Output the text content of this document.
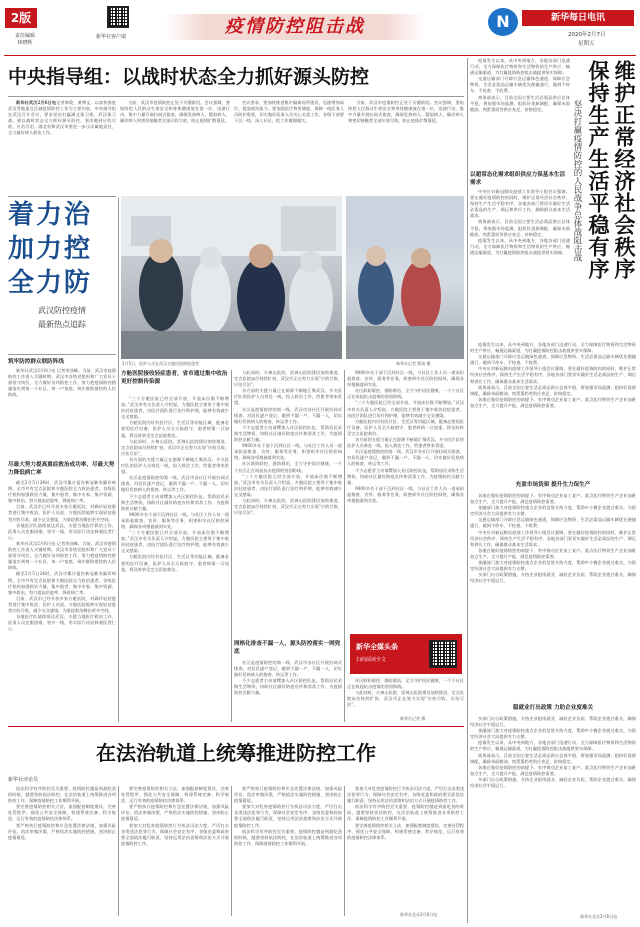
2版
责任编辑
林晓辉
新华社客户端	疫情防控阻击战	N	新华每日电讯
2020年2月7日
星期五
中央指导组：以战时状态全力抓好源头防控

新华社武汉2月6日电记者帅俊、黄博文。以加快推进武汉等地重点区域疫情防控工作为主要内容，中央指导组在武汉召开会议，要求坚决打赢湖北保卫战、武汉保卫战。要以战时状态全力抓好源头防控，坚决做到应收尽收、应治尽治。湖北省和武汉市要进一步压实属地责任，全力做好病人救治工作。

当前，武汉市疫情防控正处于关键阶段。会议强调，要始终把人民群众生命安全和身体健康放在第一位，迅速行动，集中力量开展拉网式排查，确保发热病人、疑似病人、确诊病人和密切接触者全部应收尽收，防止疫情扩散蔓延。

会议要求，要加快推进集中隔离场所建设，迅速增加床位，提高收治能力。要加强医疗物资调度，保障一线医务人员防护需要，切实做好医务人员关心关爱工作。各级干部要下沉一线，深入社区，把工作做细做实。

当前，武汉市疫情防控正处于关键阶段。会议强调，要始终把人民群众生命安全和身体健康放在第一位，迅速行动，集中力量开展拉网式排查，确保发热病人、疑似病人、确诊病人和密切接触者全部应收尽收，防止疫情扩散蔓延。

着力治
加力控
全力防
武汉防控疫情
最新热点追踪
筑牢防控群众联防阵线

新华社武汉2月6日电 记者李劲峰。当前，武汉市疫情防控工作进入关键时期。武汉市各级党组织和广大党员干部坚守岗位，全力做好各项防控工作，努力把疫情防控措施落实到每一个社区、每一户家庭，筑牢群防群控的人民防线。

尽最大努力提高重症救治成功率、尽最大努力降低病亡率

截至2月5日24时，武汉市累计报告新冠肺炎确诊病例，全市共有定点医院和方舱医院全力收治患者。各级医疗机构加强救治力量，集中患者、集中专家、集中资源、集中救治，努力提高治愈率、降低病亡率。

目前，武汉市已经开放多家方舱医院，对确诊轻症患者进行集中收治。医护人员说，方舱医院能够实现轻症患者应收尽收，减少交叉感染，为重症救治腾出更多空间。

各地医疗队陆续抵达武汉，支援当地医疗救治工作。医务人员克服困难，坚守一线，用实际行动诠释着医者仁心。

新华社武汉2月6日电 记者李劲峰。当前，武汉市疫情防控工作进入关键时期。武汉市各级党组织和广大党员干部坚守岗位，全力做好各项防控工作，努力把疫情防控措施落实到每一个社区、每一户家庭，筑牢群防群控的人民防线。

截至2月5日24时，武汉市累计报告新冠肺炎确诊病例，全市共有定点医院和方舱医院全力收治患者。各级医疗机构加强救治力量，集中患者、集中专家、集中资源、集中救治，努力提高治愈率、降低病亡率。

目前，武汉市已经开放多家方舱医院，对确诊轻症患者进行集中收治。医护人员说，方舱医院能够实现轻症患者应收尽收，减少交叉感染，为重症救治腾出更多空间。

各地医疗队陆续抵达武汉，支援当地医疗救治工作。医务人员克服困难，坚守一线，用实际行动诠释着医者仁心。

2月5日，医护人员在武汉方舱医院接收患者	新华社记者 熊琦 摄
方舱医院接收轻症患者，省市通过集中收治更好控制传染源

“三个方舱医院已经全部开放，开放床位数不断增加。”武汉市有关负责人介绍说。方舱医院主要用于集中收治轻症患者，由医疗团队进行治疗和护理，能够有效减少交叉感染。

方舱医院内设有医疗区、生活区等功能区域，配备必要的医疗设备，医护人员全天候值守，患者病情一旦加重，将及时转至定点医院救治。

与此同时，火神山医院、雷神山医院建设加快推进，定点医院床位持续扩容，武汉市正在努力实现“应收尽收、应治尽治”。

各方面的支援力量正在源源不断地汇聚武汉。多支医疗队的医护人员奔赴一线，投入救治工作，给患者带来希望。

社区是疫情防控的第一线。武汉市各社区开展拉网式排查，对居民逐户登记，做到不漏一户、不漏一人，切实做好发热病人的排查、转运等工作。

不少志愿者主动请缨加入社区防控队伍，帮助居民采购生活物资，协助社区做好防疫宣传和消杀工作，为疫情防控贡献力量。

9000多名干部下沉到社区一线，与社区工作人员一道承担起排查、宣传、服务等任务，织密织牢社区防控网络，确保各项措施落到实处。

“三个方舱医院已经全部开放，开放床位数不断增加。”武汉市有关负责人介绍说。方舱医院主要用于集中收治轻症患者，由医疗团队进行治疗和护理，能够有效减少交叉感染。

方舱医院内设有医疗区、生活区等功能区域，配备必要的医疗设备，医护人员全天候值守，患者病情一旦加重，将及时转至定点医院救治。

与此同时，火神山医院、雷神山医院建设加快推进，定点医院床位持续扩容，武汉市正在努力实现“应收尽收、应治尽治”。

各方面的支援力量正在源源不断地汇聚武汉。多支医疗队的医护人员奔赴一线，投入救治工作，给患者带来希望。

社区是疫情防控的第一线。武汉市各社区开展拉网式排查，对居民逐户登记，做到不漏一户、不漏一人，切实做好发热病人的排查、转运等工作。

不少志愿者主动请缨加入社区防控队伍，帮助居民采购生活物资，协助社区做好防疫宣传和消杀工作，为疫情防控贡献力量。

9000多名干部下沉到社区一线，与社区工作人员一道承担起排查、宣传、服务等任务，织密织牢社区防控网络，确保各项措施落到实处。

社区联防联控、群防群治，全力守护居民健康，一个个社区正在筑起抗击疫情的坚固防线。

“三个方舱医院已经全部开放，开放床位数不断增加。”武汉市有关负责人介绍说。方舱医院主要用于集中收治轻症患者，由医疗团队进行治疗和护理，能够有效减少交叉感染。

与此同时，火神山医院、雷神山医院建设加快推进，定点医院床位持续扩容，武汉市正在努力实现“应收尽收、应治尽治”。

网格化排查不漏一人，源头防控落实一网兜底

社区是疫情防控的第一线。武汉市各社区开展拉网式排查，对居民逐户登记，做到不漏一户、不漏一人，切实做好发热病人的排查、转运等工作。

不少志愿者主动请缨加入社区防控队伍，帮助居民采购生活物资，协助社区做好防疫宣传和消杀工作，为疫情防控贡献力量。

9000多名干部下沉到社区一线，与社区工作人员一道承担起排查、宣传、服务等任务，织密织牢社区防控网络，确保各项措施落到实处。

社区联防联控、群防群治，全力守护居民健康，一个个社区正在筑起抗击疫情的坚固防线。

“三个方舱医院已经全部开放，开放床位数不断增加。”武汉市有关负责人介绍说。方舱医院主要用于集中收治轻症患者，由医疗团队进行治疗和护理，能够有效减少交叉感染。

方舱医院内设有医疗区、生活区等功能区域，配备必要的医疗设备，医护人员全天候值守，患者病情一旦加重，将及时转至定点医院救治。

各方面的支援力量正在源源不断地汇聚武汉。多支医疗队的医护人员奔赴一线，投入救治工作，给患者带来希望。

社区是疫情防控的第一线。武汉市各社区开展拉网式排查，对居民逐户登记，做到不漏一户、不漏一人，切实做好发热病人的排查、转运等工作。

不少志愿者主动请缨加入社区防控队伍，帮助居民采购生活物资，协助社区做好防疫宣传和消杀工作，为疫情防控贡献力量。

9000多名干部下沉到社区一线，与社区工作人员一道承担起排查、宣传、服务等任务，织密织牢社区防控网络，确保各项措施落到实处。

新华全媒头条
扫码阅读全文

社区联防联控、群防群治，全力守护居民健康，一个个社区正在筑起抗击疫情的坚固防线。

与此同时，火神山医院、雷神山医院建设加快推进，定点医院床位持续扩容，武汉市正在努力实现“应收尽收、应治尽治”。

新华社记者 摄

疫情发生以来，从中央到地方，各地各部门迅速行动，全力保障医疗物资和生活物资的生产供应，畅通运输渠道，为打赢疫情防控阻击战提供坚实保障。

交通运输部门开辟应急运输绿色通道，保障应急物资、生活必需品运输车辆优先便捷通行，做到不停车、不检查、不收费。

商务部表示，目前全国主要生活必需品供应总体平稳，将加强市场监测，组织好货源调配，确保米面粮油、肉蛋菜奶等供应充足、价格稳定。	维护正常经济社会秩序
保持生产生活平稳有序
坚决打赢疫情防控的人民战争总体战阻击战
以超常态化需求组织供应力保基本生活需求

中央应对新冠肺炎疫情工作领导小组会议强调，要在做好疫情防控的同时，维护正常经济社会秩序，保持生产生活平稳有序。各地各部门要切实做好生活必需品的生产、调运和供应工作，确保群众基本生活需求。

商务部表示，目前全国主要生活必需品供应总体平稳，将加强市场监测，组织好货源调配，确保米面粮油、肉蛋菜奶等供应充足、价格稳定。

疫情发生以来，从中央到地方，各地各部门迅速行动，全力保障医疗物资和生活物资的生产供应，畅通运输渠道，为打赢疫情防控阻击战提供坚实保障。

疫情发生以来，从中央到地方，各地各部门迅速行动，全力保障医疗物资和生活物资的生产供应，畅通运输渠道，为打赢疫情防控阻击战提供坚实保障。

交通运输部门开辟应急运输绿色通道，保障应急物资、生活必需品运输车辆优先便捷通行，做到不停车、不检查、不收费。

中央应对新冠肺炎疫情工作领导小组会议强调，要在做好疫情防控的同时，维护正常经济社会秩序，保持生产生活平稳有序。各地各部门要切实做好生活必需品的生产、调运和供应工作，确保群众基本生活需求。

商务部表示，目前全国主要生活必需品供应总体平稳，将加强市场监测，组织好货源调配，确保米面粮油、肉蛋菜奶等供应充足、价格稳定。

各地在做好疫情防控的前提下，有序推动企业复工复产。重点医疗物资生产企业加班加点生产，全力提升产能，满足疫情防控需要。

充盈市场货架 提升生力保生产

各地在做好疫情防控的前提下，有序推动企业复工复产。重点医疗物资生产企业加班加点生产，全力提升产能，满足疫情防控需要。

金融部门加大对疫情防控重点企业的信贷支持力度，帮助中小微企业渡过难关，为稳定经济社会大局提供有力支撑。

交通运输部门开辟应急运输绿色通道，保障应急物资、生活必需品运输车辆优先便捷通行，做到不停车、不检查、不收费。

中央应对新冠肺炎疫情工作领导小组会议强调，要在做好疫情防控的同时，维护正常经济社会秩序，保持生产生活平稳有序。各地各部门要切实做好生活必需品的生产、调运和供应工作，确保群众基本生活需求。

各地在做好疫情防控的前提下，有序推动企业复工复产。重点医疗物资生产企业加班加点生产，全力提升产能，满足疫情防控需要。

金融部门加大对疫情防控重点企业的信贷支持力度，帮助中小微企业渡过难关，为稳定经济社会大局提供有力支撑。

多部门出台政策措施，支持企业稳岗就业，减轻企业负担，帮助企业渡过难关，确保经济社会平稳运行。

稳就业打出政策 力助企业度难关

多部门出台政策措施，支持企业稳岗就业，减轻企业负担，帮助企业渡过难关，确保经济社会平稳运行。

金融部门加大对疫情防控重点企业的信贷支持力度，帮助中小微企业渡过难关，为稳定经济社会大局提供有力支撑。

疫情发生以来，从中央到地方，各地各部门迅速行动，全力保障医疗物资和生活物资的生产供应，畅通运输渠道，为打赢疫情防控阻击战提供坚实保障。

商务部表示，目前全国主要生活必需品供应总体平稳，将加强市场监测，组织好货源调配，确保米面粮油、肉蛋菜奶等供应充足、价格稳定。

各地在做好疫情防控的前提下，有序推动企业复工复产。重点医疗物资生产企业加班加点生产，全力提升产能，满足疫情防控需要。

多部门出台政策措施，支持企业稳岗就业，减轻企业负担，帮助企业渡过难关，确保经济社会平稳运行。

新华社北京2月6日电
在法治轨道上统筹推进防控工作
新华社评论员

依法科学有序防控至关重要。疫情防控越是到最吃劲的时候，越要坚持依法防控，在法治轨道上统筹推进各项防控工作，保障疫情防控工作顺利开展。

要完善疫情防控相关立法，加强配套制度建设，完善处罚程序，强化公共安全保障，构建系统完备、科学规范、运行有效的疫情防控法律体系。

要严格执行疫情防控和应急处置法律法规，加强风险评估，依法审慎决策，严格依法实施防控措施，坚决防止疫情蔓延。

要完善疫情防控相关立法，加强配套制度建设，完善处罚程序，强化公共安全保障，构建系统完备、科学规范、运行有效的疫情防控法律体系。

要严格执行疫情防控和应急处置法律法规，加强风险评估，依法审慎决策，严格依法实施防控措施，坚决防止疫情蔓延。

要加大对危害疫情防控行为执法司法力度，严厉打击各类违法犯罪行为，保障社会安定有序。各级党委和政府要全面依法履行职责，坚持运用法治思维和法治方式开展疫情防控工作。

要严格执行疫情防控和应急处置法律法规，加强风险评估，依法审慎决策，严格依法实施防控措施，坚决防止疫情蔓延。

要加大对危害疫情防控行为执法司法力度，严厉打击各类违法犯罪行为，保障社会安定有序。各级党委和政府要全面依法履行职责，坚持运用法治思维和法治方式开展疫情防控工作。

依法科学有序防控至关重要。疫情防控越是到最吃劲的时候，越要坚持依法防控，在法治轨道上统筹推进各项防控工作，保障疫情防控工作顺利开展。

要加大对危害疫情防控行为执法司法力度，严厉打击各类违法犯罪行为，保障社会安定有序。各级党委和政府要全面依法履行职责，坚持运用法治思维和法治方式开展疫情防控工作。

依法科学有序防控至关重要。疫情防控越是到最吃劲的时候，越要坚持依法防控，在法治轨道上统筹推进各项防控工作，保障疫情防控工作顺利开展。

要完善疫情防控相关立法，加强配套制度建设，完善处罚程序，强化公共安全保障，构建系统完备、科学规范、运行有效的疫情防控法律体系。

新华社北京2月6日电
